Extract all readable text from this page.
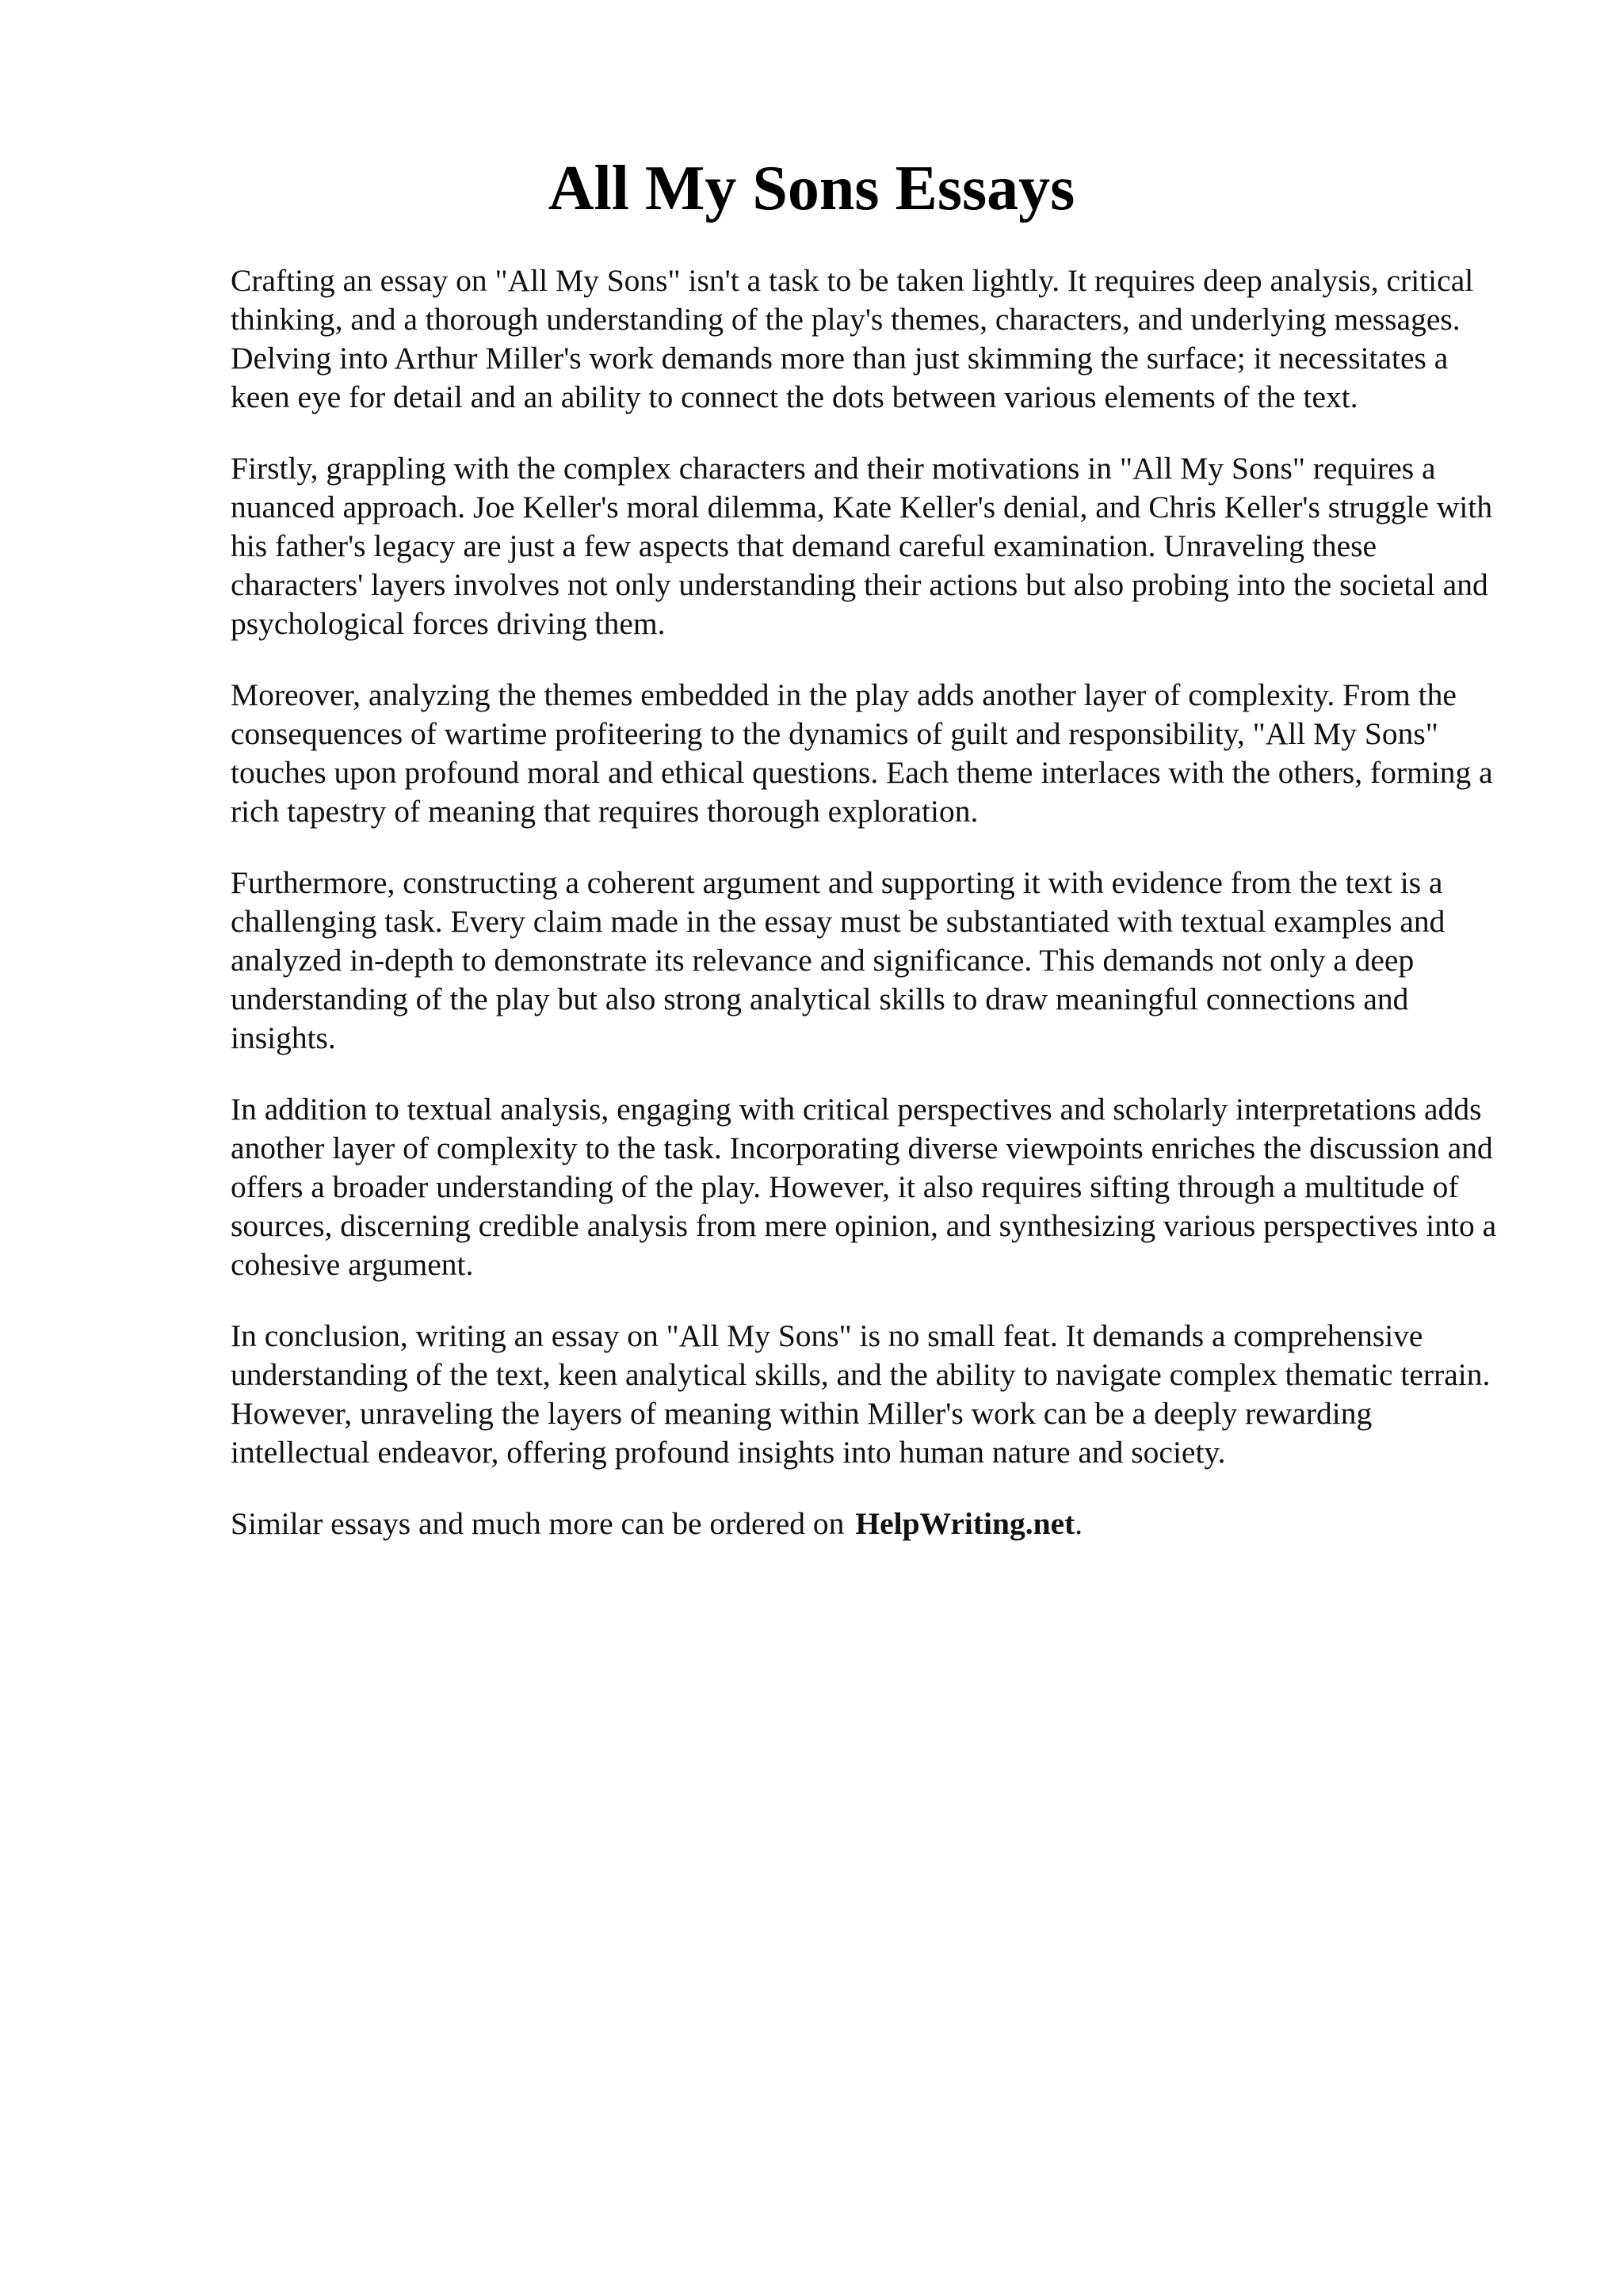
All My Sons Essays

Crafting an essay on "All My Sons" isn't a task to be taken lightly. It requires deep analysis, critical thinking, and a thorough understanding of the play's themes, characters, and underlying messages. Delving into Arthur Miller's work demands more than just skimming the surface; it necessitates a keen eye for detail and an ability to connect the dots between various elements of the text.

Firstly, grappling with the complex characters and their motivations in "All My Sons" requires a nuanced approach. Joe Keller's moral dilemma, Kate Keller's denial, and Chris Keller's struggle with his father's legacy are just a few aspects that demand careful examination. Unraveling these characters' layers involves not only understanding their actions but also probing into the societal and psychological forces driving them.

Moreover, analyzing the themes embedded in the play adds another layer of complexity. From the consequences of wartime profiteering to the dynamics of guilt and responsibility, "All My Sons" touches upon profound moral and ethical questions. Each theme interlaces with the others, forming a rich tapestry of meaning that requires thorough exploration.

Furthermore, constructing a coherent argument and supporting it with evidence from the text is a challenging task. Every claim made in the essay must be substantiated with textual examples and analyzed in-depth to demonstrate its relevance and significance. This demands not only a deep understanding of the play but also strong analytical skills to draw meaningful connections and insights.

In addition to textual analysis, engaging with critical perspectives and scholarly interpretations adds another layer of complexity to the task. Incorporating diverse viewpoints enriches the discussion and offers a broader understanding of the play. However, it also requires sifting through a multitude of sources, discerning credible analysis from mere opinion, and synthesizing various perspectives into a cohesive argument.

In conclusion, writing an essay on "All My Sons" is no small feat. It demands a comprehensive understanding of the text, keen analytical skills, and the ability to navigate complex thematic terrain. However, unraveling the layers of meaning within Miller's work can be a deeply rewarding intellectual endeavor, offering profound insights into human nature and society.

Similar essays and much more can be ordered on HelpWriting.net.
